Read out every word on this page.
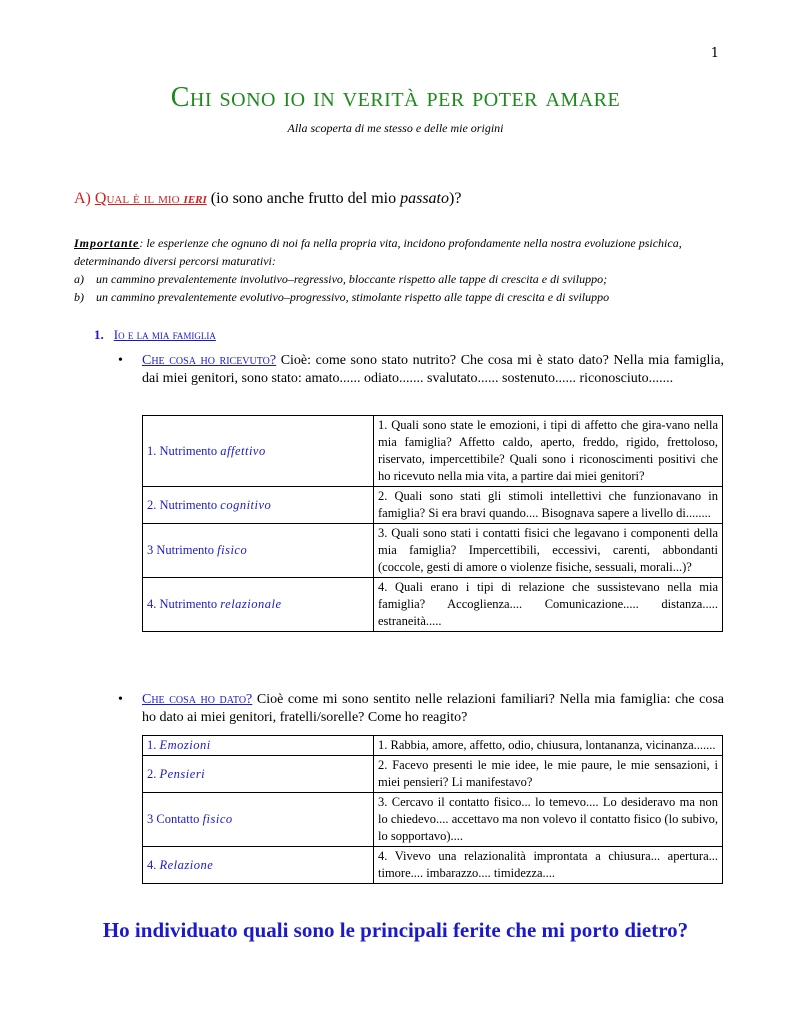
1
Chi sono io in verità per poter amare
Alla scoperta di me stesso e delle mie origini
A) Qual è il mio ieri (io sono anche frutto del mio passato)?
Importante: le esperienze che ognuno di noi fa nella propria vita, incidono profondamente nella nostra evoluzione psichica, determinando diversi percorsi maturativi:
a)	un cammino prevalentemente involutivo–regressivo, bloccante rispetto alle tappe di crescita e di sviluppo;
b)	un cammino prevalentemente evolutivo–progressivo, stimolante rispetto alle tappe di crescita e di sviluppo
1. Io e la mia famiglia
•	Che cosa ho ricevuto? Cioè: come sono stato nutrito? Che cosa mi è stato dato? Nella mia famiglia, dai miei genitori, sono stato: amato...... odiato....... svalutato...... sostenuto...... riconosciuto.......
1. Nutrimento affettivo	1. Quali sono state le emozioni, i tipi di affetto che gira-vano nella mia famiglia? Affetto caldo, aperto, freddo, rigido, frettoloso, riservato, impercettibile? Quali sono i riconoscimenti positivi che ho ricevuto nella mia vita, a partire dai miei genitori?
2. Nutrimento cognitivo	2. Quali sono stati gli stimoli intellettivi che funzionavano in famiglia? Si era bravi quando.... Bisognava sapere a livello di........
3 Nutrimento fisico	3. Quali sono stati i contatti fisici che legavano i componenti della mia famiglia? Impercettibili, eccessivi, carenti, abbondanti (coccole, gesti di amore o violenze fisiche, sessuali, morali...)?
4. Nutrimento relazionale	4. Quali erano i tipi di relazione che sussistevano nella mia famiglia? Accoglienza.... Comunicazione..... distanza..... estraneità.....
•	Che cosa ho dato? Cioè come mi sono sentito nelle relazioni familiari? Nella mia famiglia: che cosa ho dato ai miei genitori, fratelli/sorelle? Come ho reagito?
1. Emozioni	1. Rabbia, amore, affetto, odio, chiusura, lontananza, vicinanza.......
2. Pensieri	2. Facevo presenti le mie idee, le mie paure, le mie sensazioni, i miei pensieri? Li manifestavo?
3 Contatto fisico	3. Cercavo il contatto fisico... lo temevo.... Lo desideravo ma non lo chiedevo.... accettavo ma non volevo il contatto fisico (lo subivo, lo sopportavo)....
4. Relazione	4. Vivevo una relazionalità improntata a chiusura... apertura... timore.... imbarazzo.... timidezza....
Ho individuato quali sono le principali ferite che mi porto dietro?
